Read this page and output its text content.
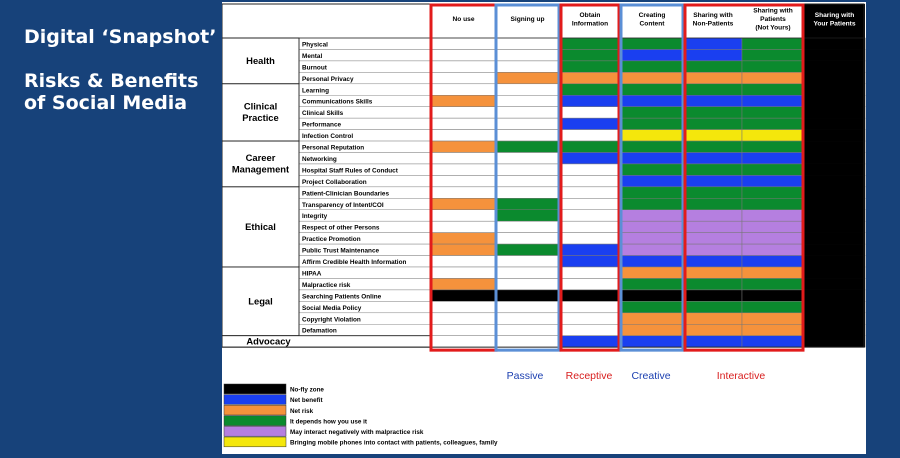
Digital ‘Snapshot’
Risks & Benefits
of Social Media
No use	Signing up
Obtain Information
Creating Content
Sharing with Non-Patients
Sharing with Patients (Not Yours)
Sharing with Your Patients
Physical
Mental
Burnout
Personal Privacy
Learning
Communications Skills
Clinical Skills
Performance
Infection Control
Personal Reputation
Networking
Hospital Staff Rules of Conduct
Project Collaboration
Patient-Clinician Boundaries
Transparency of Intent/COI
Integrity
Respect of other Persons
Practice Promotion
Public Trust Maintenance
Affirm Credible Health Information
HIPAA
Malpractice risk
Searching Patients Online
Social Media Policy
Copyright Violation
Defamation
Health
Clinical Practice
Career Management
Ethical
Legal
Advocacy
Passive Receptive Creative	Interactive
No-fly zone
Net benefit
Net risk
It depends how you use it
May interact negatively with malpractice risk
Bringing mobile phones into contact with patients, colleagues, family
